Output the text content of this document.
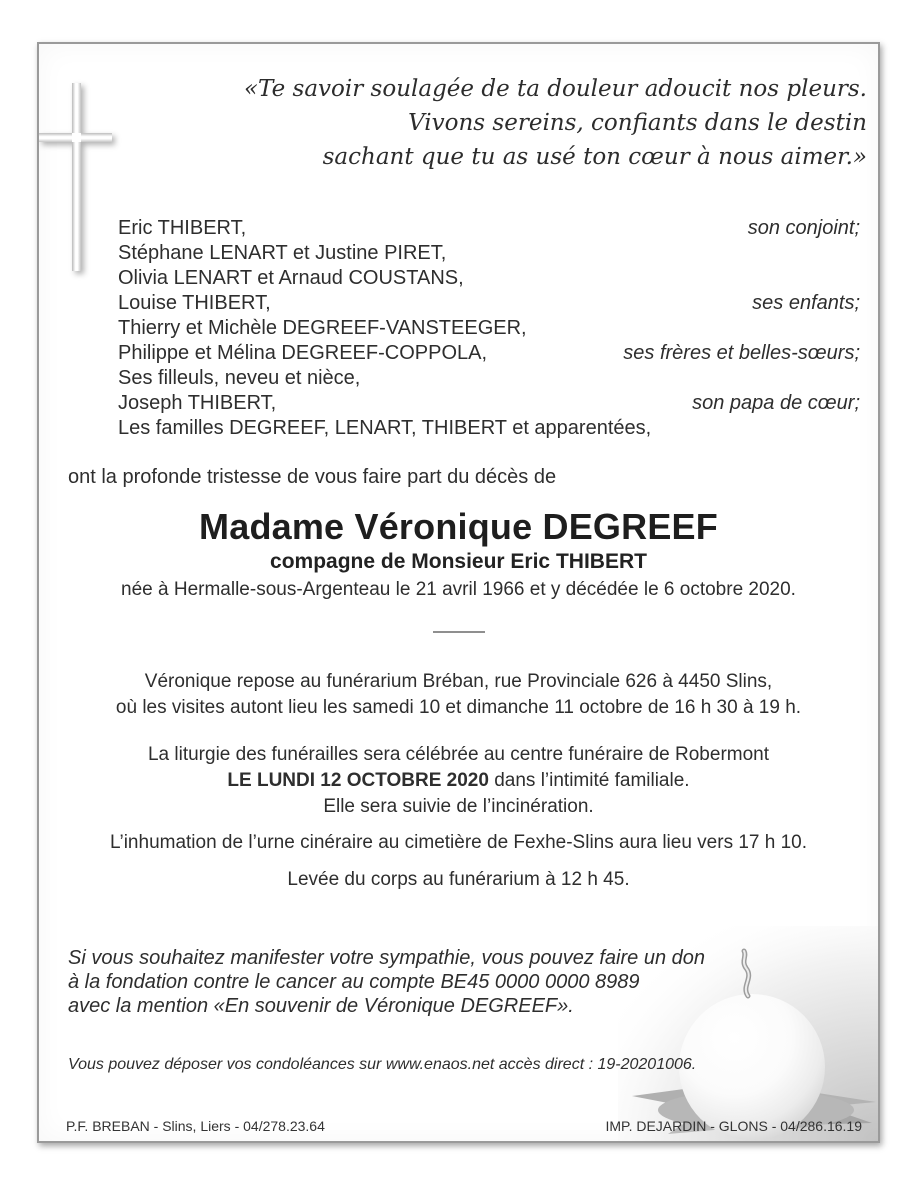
«Te savoir soulagée de ta douleur adoucit nos pleurs.
Vivons sereins, confiants dans le destin
sachant que tu as usé ton cœur à nous aimer.»
Eric THIBERT,	son conjoint;
Stéphane LENART et Justine PIRET,
Olivia LENART et Arnaud COUSTANS,
Louise THIBERT,	ses enfants;
Thierry et Michèle DEGREEF-VANSTEEGER,
Philippe et Mélina DEGREEF-COPPOLA,	ses frères et belles-sœurs;
Ses filleuls, neveu et nièce,
Joseph THIBERT,	son papa de cœur;
Les familles DEGREEF, LENART, THIBERT et apparentées,
ont la profonde tristesse de vous faire part du décès de
Madame Véronique DEGREEF
compagne de Monsieur Eric THIBERT
née à Hermalle-sous-Argenteau le 21 avril 1966 et y décédée le 6 octobre 2020.
Véronique repose au funérarium Bréban, rue Provinciale 626 à 4450 Slins,
où les visites autont lieu les samedi 10 et dimanche 11 octobre de 16 h 30 à 19 h.
La liturgie des funérailles sera célébrée au centre funéraire de Robermont
LE LUNDI 12 OCTOBRE 2020 dans l’intimité familiale.
Elle sera suivie de l’incinération.
L’inhumation de l’urne cinéraire au cimetière de Fexhe-Slins aura lieu vers 17 h 10.
Levée du corps au funérarium à 12 h 45.
Si vous souhaitez manifester votre sympathie, vous pouvez faire un don
à la fondation contre le cancer au compte BE45 0000 0000 8989
avec la mention «En souvenir de Véronique DEGREEF».
Vous pouvez déposer vos condoléances sur www.enaos.net accès direct : 19-20201006.
P.F. BREBAN - Slins, Liers - 04/278.23.64	IMP. DEJARDIN - GLONS - 04/286.16.19
